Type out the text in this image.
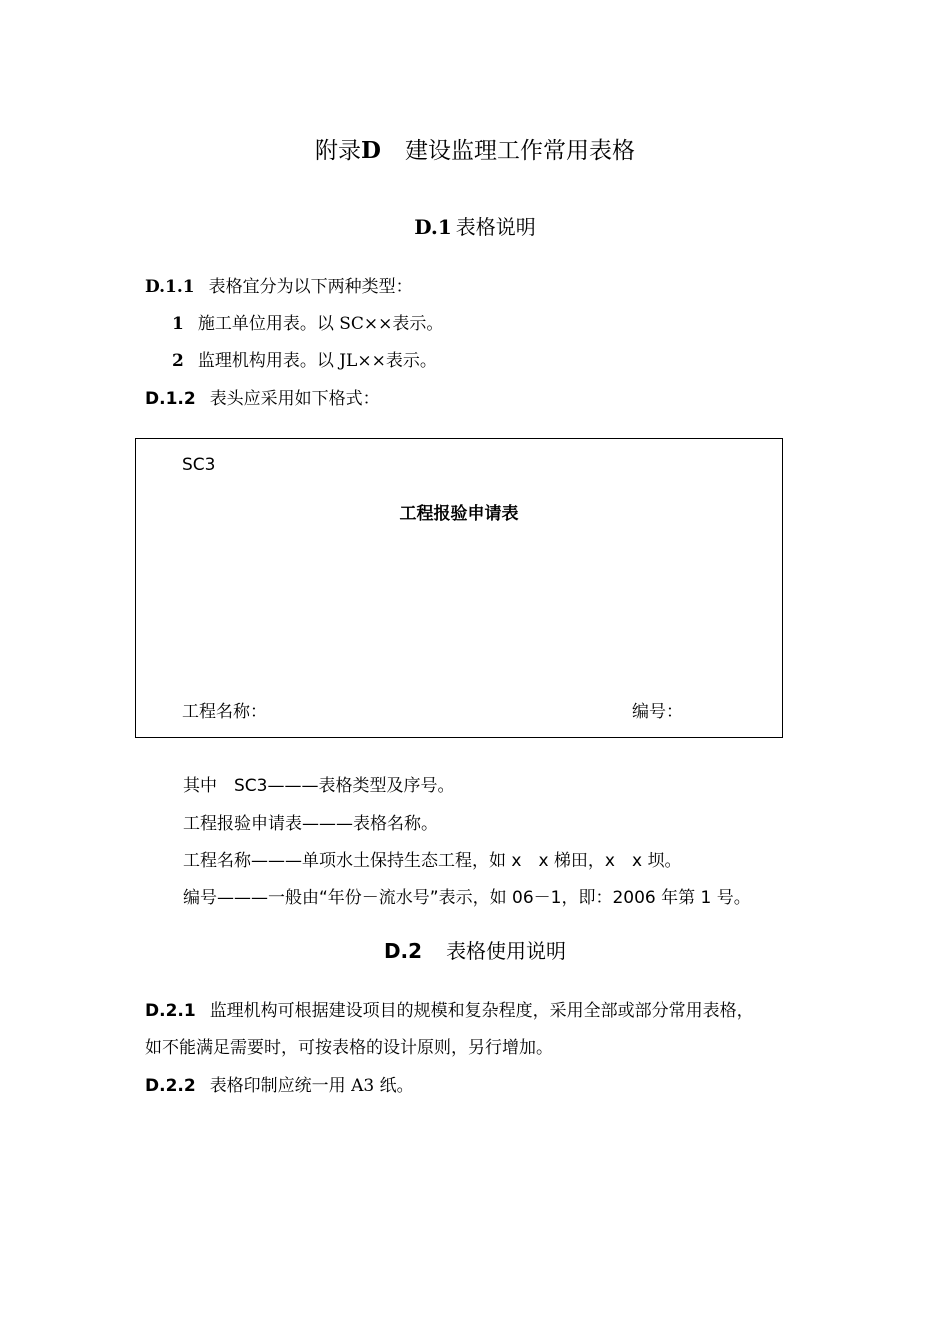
附录D 建设监理工作常用表格
D.1 表格说明
D.1.1 表格宜分为以下两种类型：
1 施工单位用表。以 SC××表示。
2 监理机构用表。以 JL××表示。
D.1.2 表头应采用如下格式：
SC3
工程报验申请表
工程名称：	编号：
其中　SC3———表格类型及序号。
工程报验申请表———表格名称。
工程名称———单项水土保持生态工程，如 x　x 梯田，x　x 坝。
编号———一般由“年份－流水号”表示，如 06－1，即：2006 年第 1 号。
D.2 表格使用说明
D.2.1 监理机构可根据建设项目的规模和复杂程度，采用全部或部分常用表格，
如不能满足需要时，可按表格的设计原则，另行增加。
D.2.2 表格印制应统一用 A3 纸。
